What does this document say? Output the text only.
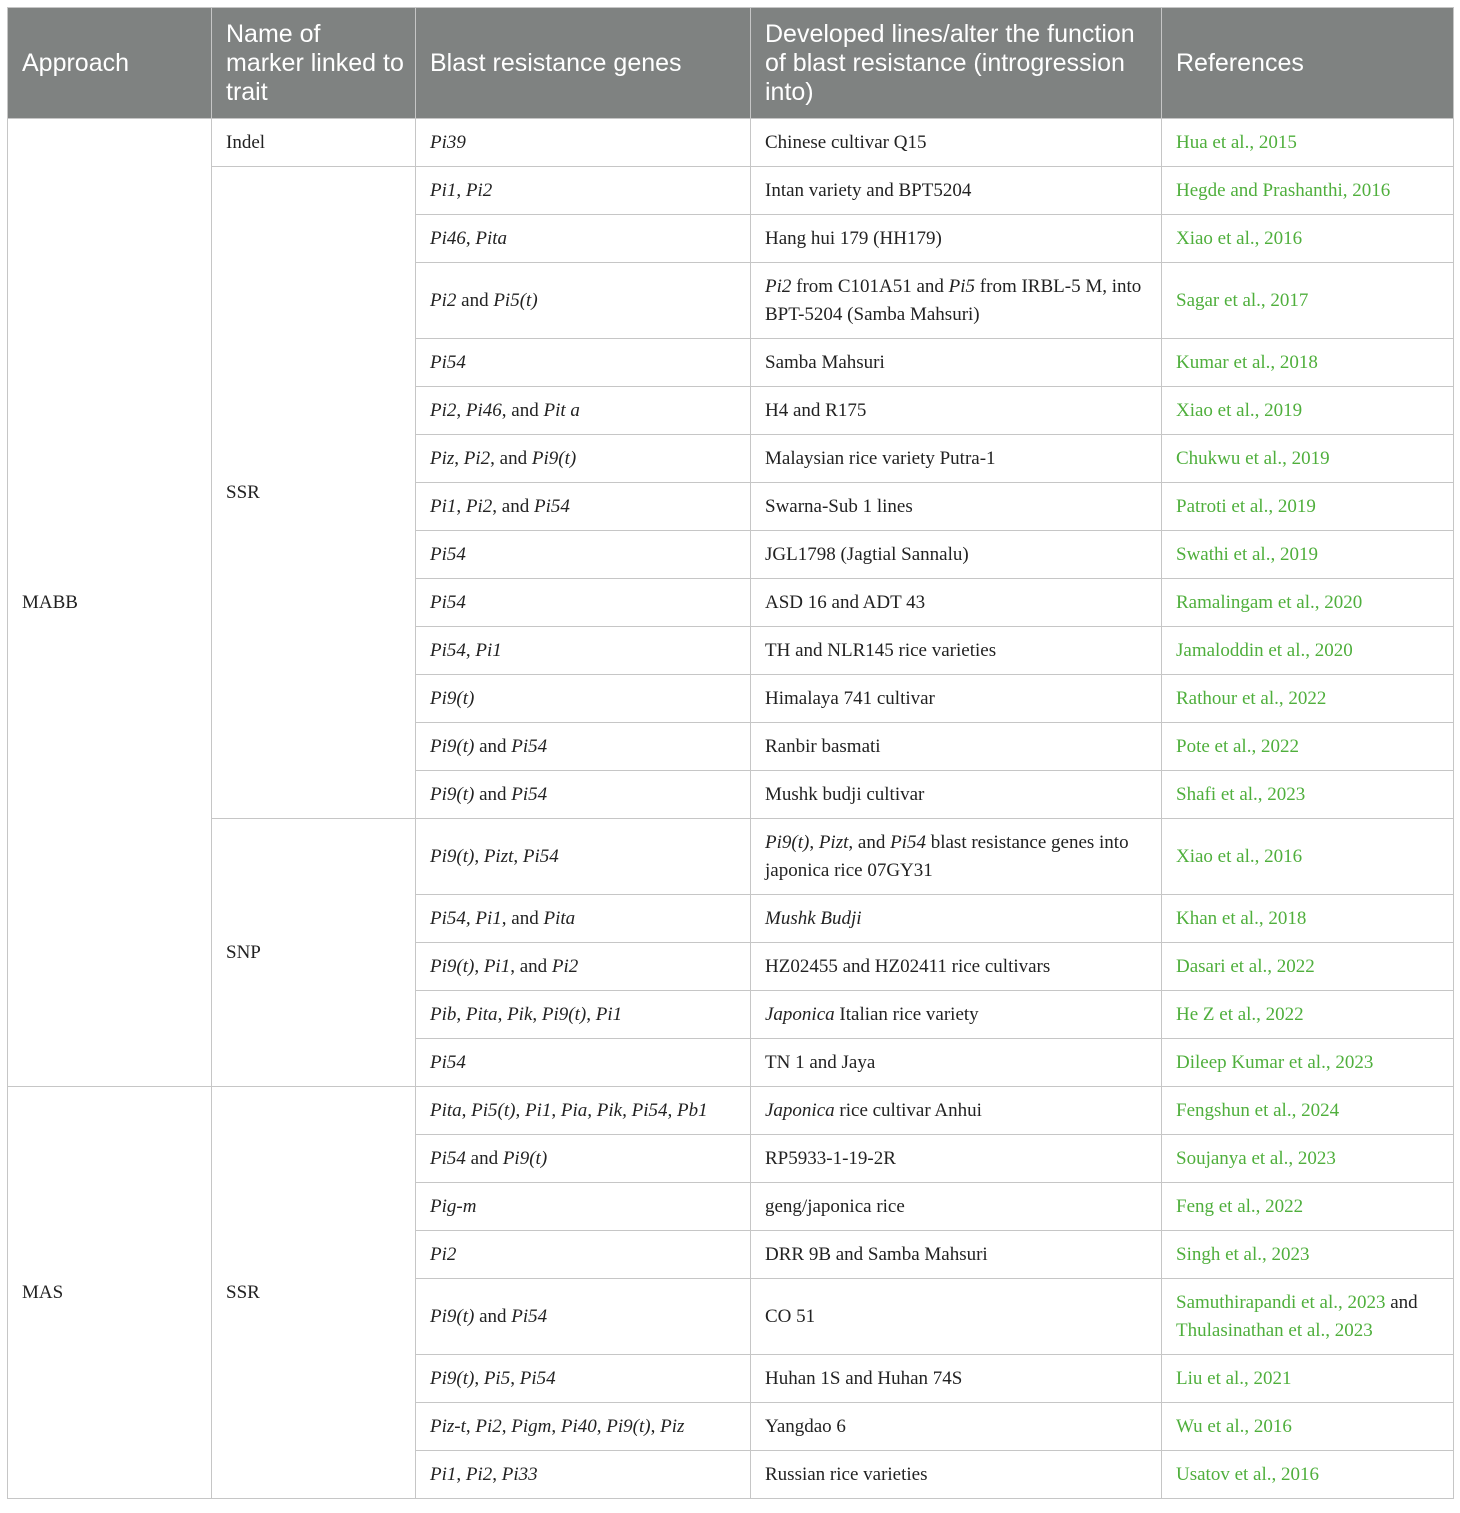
Approach	Name of marker linked to trait	Blast resistance genes	Developed lines/alter the function of blast resistance (introgression into)	References
MABB	Indel	Pi39	Chinese cultivar Q15	Hua et al., 2015
	SSR	Pi1, Pi2	Intan variety and BPT5204	Hegde and Prashanthi, 2016
		Pi46, Pita	Hang hui 179 (HH179)	Xiao et al., 2016
		Pi2 and Pi5(t)	Pi2 from C101A51 and Pi5 from IRBL-5 M, into BPT-5204 (Samba Mahsuri)	Sagar et al., 2017
		Pi54	Samba Mahsuri	Kumar et al., 2018
		Pi2, Pi46, and Pit a	H4 and R175	Xiao et al., 2019
		Piz, Pi2, and Pi9(t)	Malaysian rice variety Putra-1	Chukwu et al., 2019
		Pi1, Pi2, and Pi54	Swarna-Sub 1 lines	Patroti et al., 2019
		Pi54	JGL1798 (Jagtial Sannalu)	Swathi et al., 2019
		Pi54	ASD 16 and ADT 43	Ramalingam et al., 2020
		Pi54, Pi1	TH and NLR145 rice varieties	Jamaloddin et al., 2020
		Pi9(t)	Himalaya 741 cultivar	Rathour et al., 2022
		Pi9(t) and Pi54	Ranbir basmati	Pote et al., 2022
		Pi9(t) and Pi54	Mushk budji cultivar	Shafi et al., 2023
	SNP	Pi9(t), Pizt, Pi54	Pi9(t), Pizt, and Pi54 blast resistance genes into japonica rice 07GY31	Xiao et al., 2016
		Pi54, Pi1, and Pita	Mushk Budji	Khan et al., 2018
		Pi9(t), Pi1, and Pi2	HZ02455 and HZ02411 rice cultivars	Dasari et al., 2022
		Pib, Pita, Pik, Pi9(t), Pi1	Japonica Italian rice variety	He Z et al., 2022
		Pi54	TN 1 and Jaya	Dileep Kumar et al., 2023
MAS	SSR	Pita, Pi5(t), Pi1, Pia, Pik, Pi54, Pb1	Japonica rice cultivar Anhui	Fengshun et al., 2024
		Pi54 and Pi9(t)	RP5933-1-19-2R	Soujanya et al., 2023
		Pig-m	geng/japonica rice	Feng et al., 2022
		Pi2	DRR 9B and Samba Mahsuri	Singh et al., 2023
		Pi9(t) and Pi54	CO 51	Samuthirapandi et al., 2023 and Thulasinathan et al., 2023
		Pi9(t), Pi5, Pi54	Huhan 1S and Huhan 74S	Liu et al., 2021
		Piz-t, Pi2, Pigm, Pi40, Pi9(t), Piz	Yangdao 6	Wu et al., 2016
		Pi1, Pi2, Pi33	Russian rice varieties	Usatov et al., 2016
